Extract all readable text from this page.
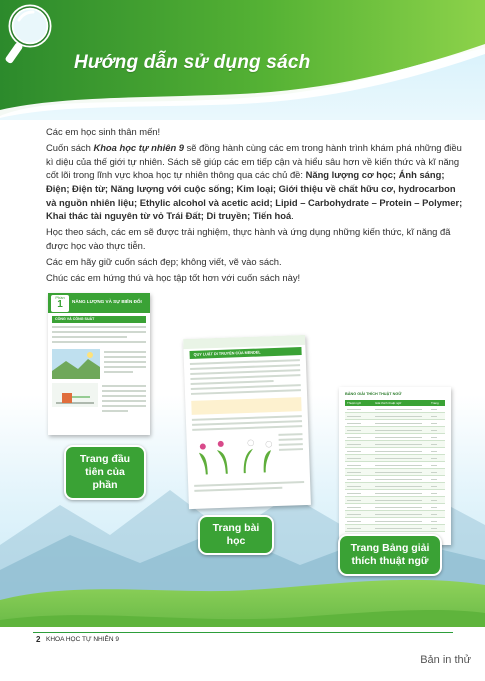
Hướng dẫn sử dụng sách

Các em học sinh thân mến!

Cuốn sách Khoa học tự nhiên 9 sẽ đồng hành cùng các em trong hành trình khám phá những điều kì diệu của thế giới tự nhiên. Sách sẽ giúp các em tiếp cận và hiểu sâu hơn về kiến thức và kĩ năng cốt lõi trong lĩnh vực khoa học tự nhiên thông qua các chủ đề: Năng lượng cơ học; Ánh sáng; Điện; Điện từ; Năng lượng với cuộc sống; Kim loại; Giới thiệu về chất hữu cơ, hydrocarbon và nguồn nhiên liệu; Ethylic alcohol và acetic acid; Lipid – Carbohydrate – Protein – Polymer; Khai thác tài nguyên từ vỏ Trái Đất; Di truyền; Tiến hoá.

Học theo sách, các em sẽ được trải nghiệm, thực hành và ứng dụng những kiến thức, kĩ năng đã được học vào thực tiễn.

Các em hãy giữ cuốn sách đẹp; không viết, vẽ vào sách.

Chúc các em hứng thú và học tập tốt hơn với cuốn sách này!

Phần
1	NĂNG LƯỢNG VÀ SỰ BIẾN ĐỔI
CÔNG VÀ CÔNG SUẤT
QUY LUẬT DI TRUYỀN CỦA MENDEL
BẢNG GIẢI THÍCH THUẬT NGỮ
Thuật ngữ	Giải thích thuật ngữ	Trang
Trang đầu tiên của phần
Trang bài học
Trang Bảng giải thích thuật ngữ
2 KHOA HỌC TỰ NHIÊN 9
Bản in thử
